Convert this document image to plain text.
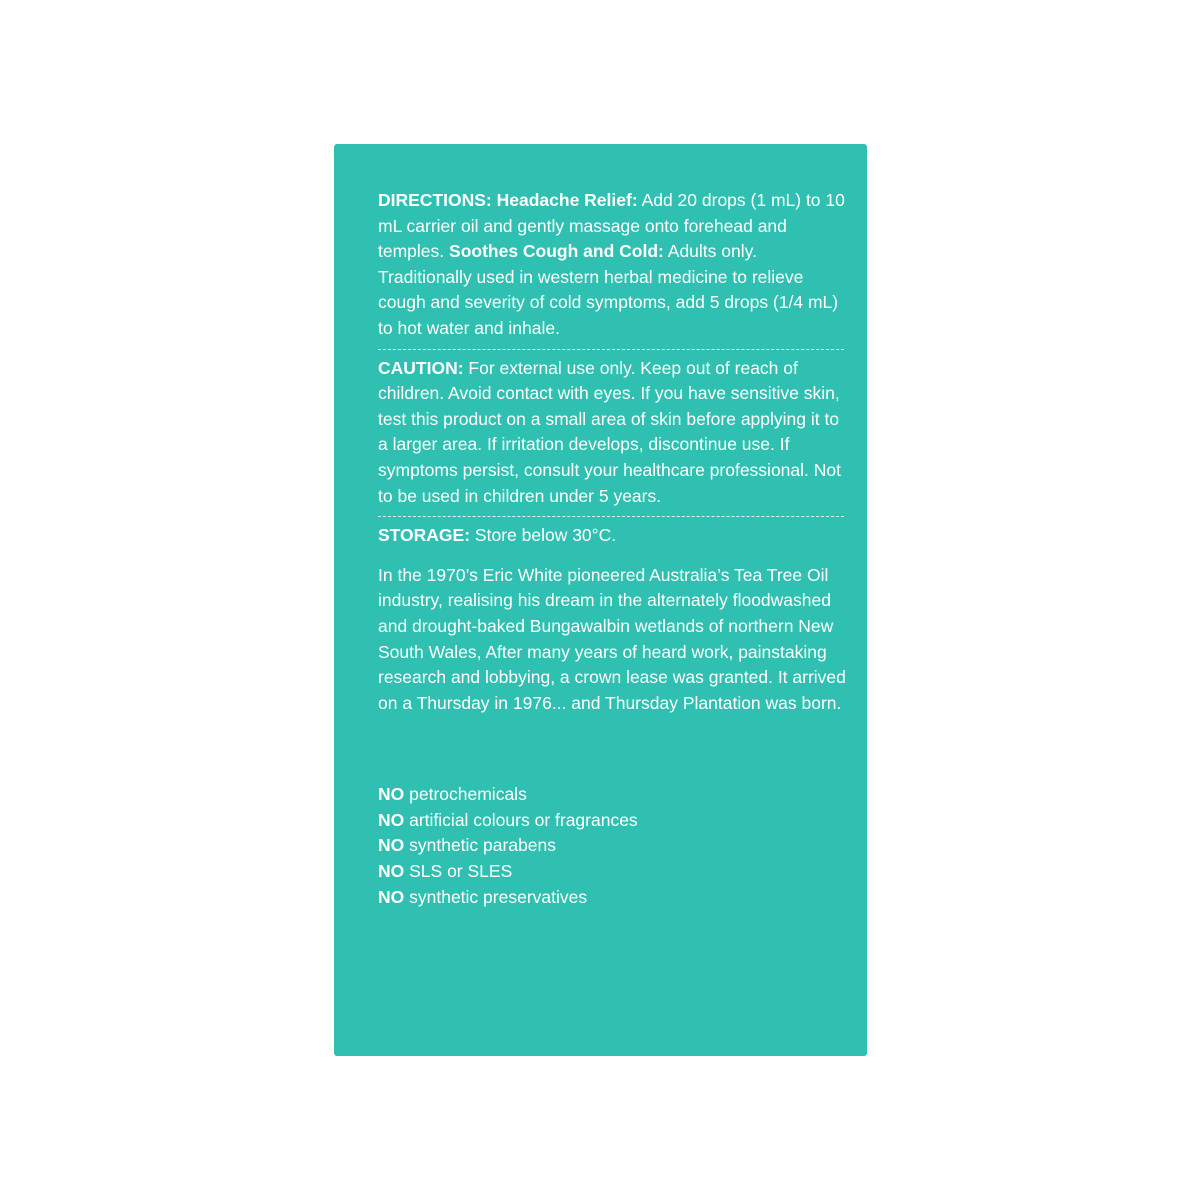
DIRECTIONS: Headache Relief: Add 20 drops (1 mL) to 10 mL carrier oil and gently massage onto forehead and temples. Soothes Cough and Cold: Adults only. Traditionally used in western herbal medicine to relieve cough and severity of cold symptoms, add 5 drops (1/4 mL) to hot water and inhale.

CAUTION: For external use only. Keep out of reach of children. Avoid contact with eyes. If you have sensitive skin, test this product on a small area of skin before applying it to a larger area. If irritation develops, discontinue use. If symptoms persist, consult your healthcare professional. Not to be used in children under 5 years.

STORAGE: Store below 30°C.

In the 1970’s Eric White pioneered Australia’s Tea Tree Oil industry, realising his dream in the alternately floodwashed and drought-baked Bungawalbin wetlands of northern New South Wales, After many years of heard work, painstaking research and lobbying, a crown lease was granted. It arrived on a Thursday in 1976... and Thursday Plantation was born.

NO petrochemicals
NO artificial colours or fragrances
NO synthetic parabens
NO SLS or SLES
NO synthetic preservatives
